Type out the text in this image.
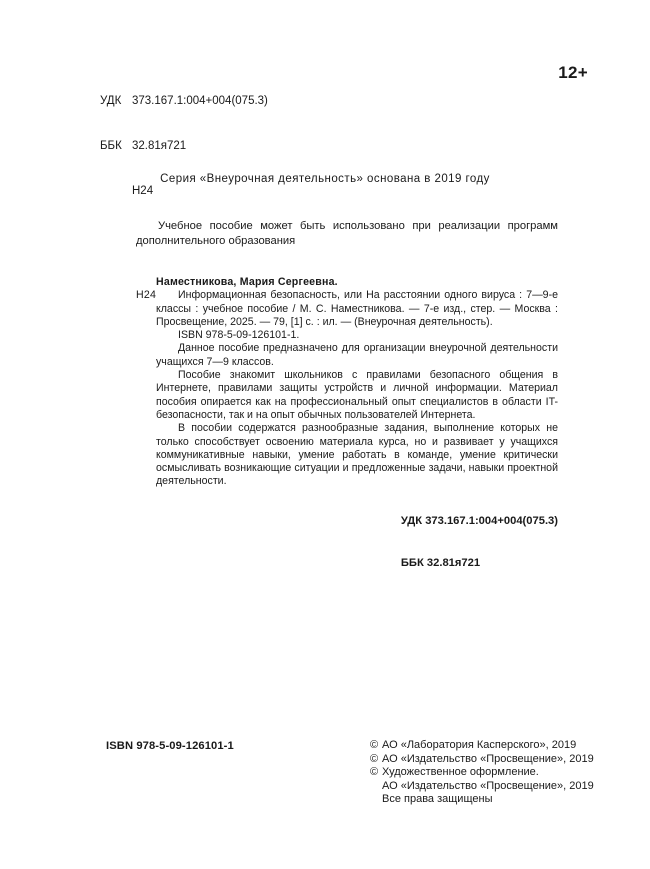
УДК 373.167.1:004+004(075.3)

ББК 32.81я721

Н24

12+
Серия «Внеурочная деятельность» основана в 2019 году
Учебное пособие может быть использовано при реализации программ дополнительного образования
Наместникова, Мария Сергеевна.
Н24 Информационная безопасность, или На расстоянии одного вируса : 7—9-е классы : учебное пособие / М. С. Наместникова. — 7-е изд., стер. — Москва : Просвещение, 2025. — 79, [1] с. : ил. — (Внеурочная деятельность).
ISBN 978-5-09-126101-1.
Данное пособие предназначено для организации внеурочной деятельности учащихся 7—9 классов.
Пособие знакомит школьников с правилами безопасного общения в Интернете, правилами защиты устройств и личной информации. Материал пособия опирается как на профессиональный опыт специалистов в области IT-безопасности, так и на опыт обычных пользователей Интернета.
В пособии содержатся разнообразные задания, выполнение которых не только способствует освоению материала курса, но и развивает у учащихся коммуникативные навыки, умение работать в команде, умение критически осмысливать возникающие ситуации и предложенные задачи, навыки проектной деятельности.

УДК 373.167.1:004+004(075.3)

ББК 32.81я721

ISBN 978-5-09-126101-1	© АО «Лаборатория Касперского», 2019
© АО «Издательство «Просвещение», 2019
© Художественное оформление.
АО «Издательство «Просвещение», 2019
Все права защищены
